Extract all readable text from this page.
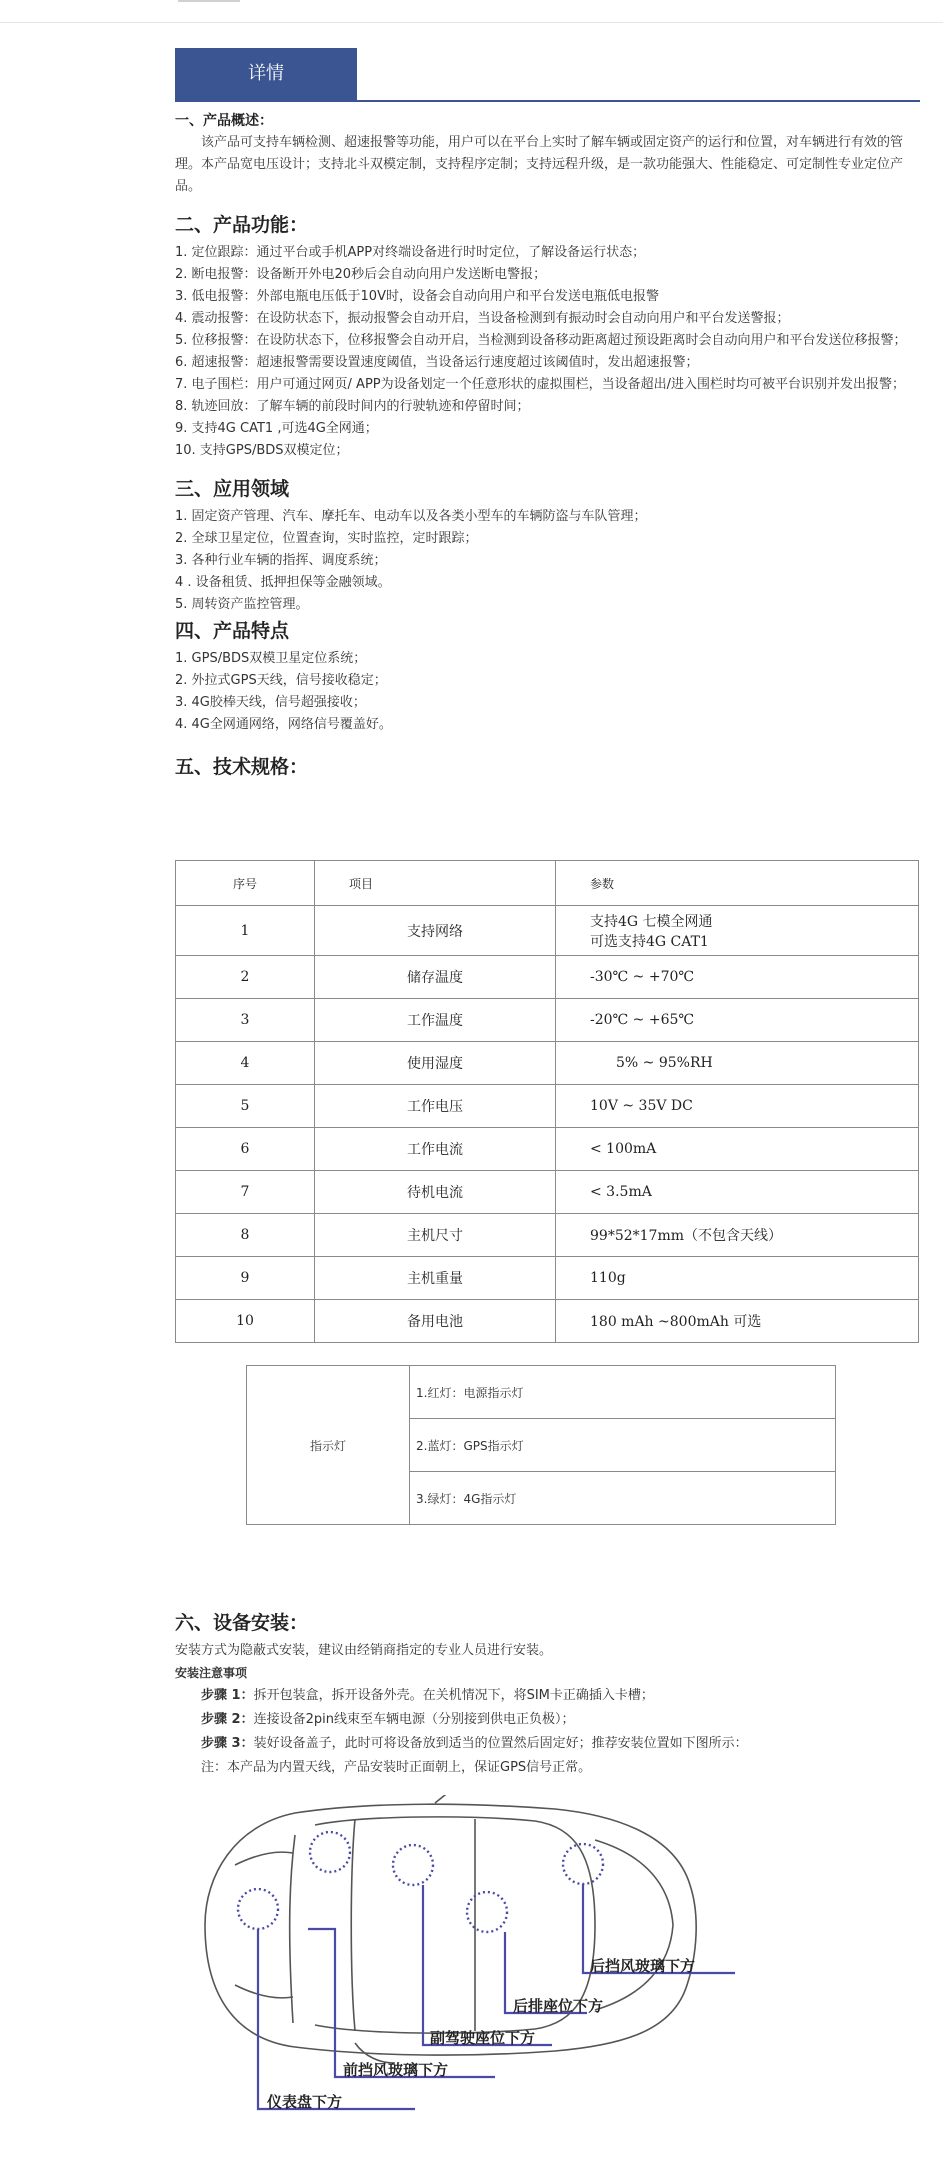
详情
一、产品概述：
该产品可支持车辆检测、超速报警等功能，用户可以在平台上实时了解车辆或固定资产的运行和位置，对车辆进行有效的管理。本产品宽电压设计；支持北斗双模定制，支持程序定制；支持远程升级，是一款功能强大、性能稳定、可定制性专业定位产品。
二、产品功能：
1. 定位跟踪：通过平台或手机APP对终端设备进行时时定位，了解设备运行状态；
2. 断电报警：设备断开外电20秒后会自动向用户发送断电警报；
3. 低电报警：外部电瓶电压低于10V时，设备会自动向用户和平台发送电瓶低电报警
4. 震动报警：在设防状态下，振动报警会自动开启，当设备检测到有振动时会自动向用户和平台发送警报；
5. 位移报警：在设防状态下，位移报警会自动开启，当检测到设备移动距离超过预设距离时会自动向用户和平台发送位移报警；
6. 超速报警：超速报警需要设置速度阈值，当设备运行速度超过该阈值时，发出超速报警；
7. 电子围栏：用户可通过网页/ APP为设备划定一个任意形状的虚拟围栏，当设备超出/进入围栏时均可被平台识别并发出报警；
8. 轨迹回放：了解车辆的前段时间内的行驶轨迹和停留时间；
9. 支持4G CAT1 ,可选4G全网通；
10. 支持GPS/BDS双模定位；
三、应用领域
1. 固定资产管理、汽车、摩托车、电动车以及各类小型车的车辆防盗与车队管理；
2. 全球卫星定位，位置查询，实时监控，定时跟踪；
3. 各种行业车辆的指挥、调度系统；
4 . 设备租赁、抵押担保等金融领域。
5. 周转资产监控管理。
四、产品特点
1. GPS/BDS双模卫星定位系统；
2. 外拉式GPS天线，信号接收稳定；
3. 4G胶棒天线，信号超强接收；
4. 4G全网通网络，网络信号覆盖好。
五、技术规格：
序号	项目	参数
1	支持网络	支持4G 七模全网通
可选支持4G CAT1

2	储存温度	-30℃ ~ +70℃
3	工作温度	-20℃ ~ +65℃
4	使用湿度	5% ~ 95%RH
5	工作电压	10V ~ 35V DC
6	工作电流	< 100mA
7	待机电流	< 3.5mA
8	主机尺寸	99*52*17mm（不包含天线）
9	主机重量	110g
10	备用电池	180 mAh ~800mAh 可选
指示灯	1.红灯：电源指示灯
2.蓝灯：GPS指示灯
3.绿灯：4G指示灯
六、设备安装：
安装方式为隐蔽式安装，建议由经销商指定的专业人员进行安装。
安装注意事项
步骤 1：拆开包装盒，拆开设备外壳。在关机情况下，将SIM卡正确插入卡槽；
步骤 2：连接设备2pin线束至车辆电源（分别接到供电正负极）；
步骤 3：装好设备盖子，此时可将设备放到适当的位置然后固定好；推荐安装位置如下图所示：
注：本产品为内置天线，产品安装时正面朝上，保证GPS信号正常。
后挡风玻璃下方
后排座位下方
副驾驶座位下方
前挡风玻璃下方
仪表盘下方
